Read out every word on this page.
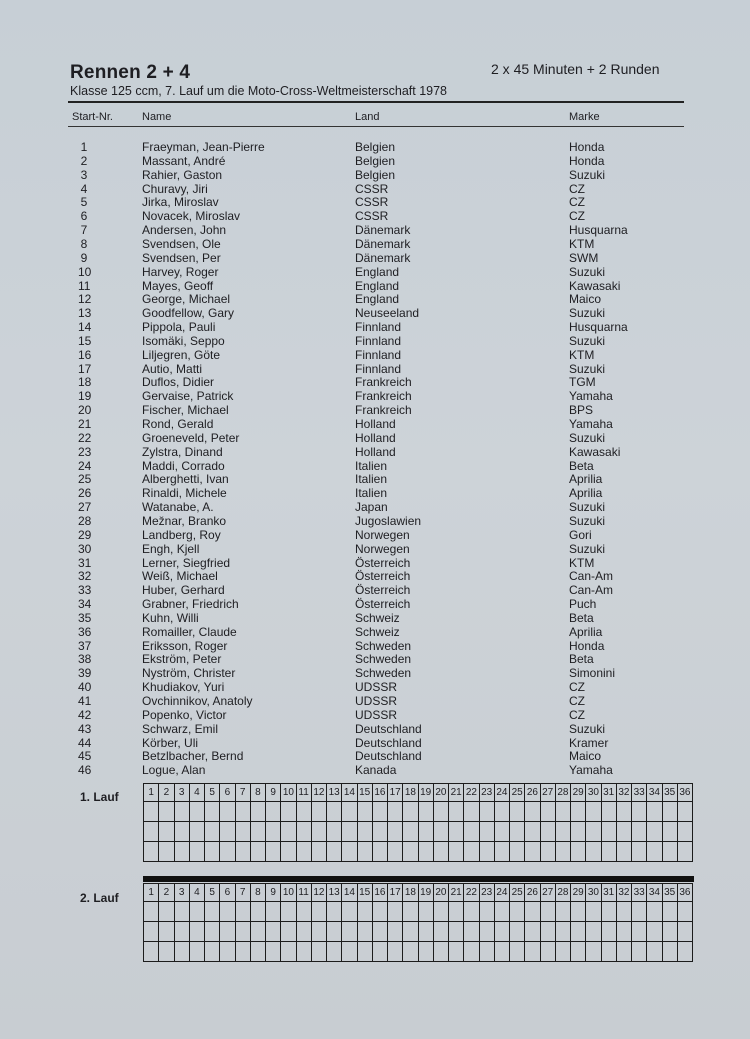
Rennen 2 + 4	2 x 45 Minuten + 2 Runden
Klasse 125 ccm, 7. Lauf um die Moto-Cross-Weltmeisterschaft 1978
Start-Nr.	Name	Land	Marke
1	Fraeyman, Jean-Pierre	Belgien	Honda
2	Massant, André	Belgien	Honda
3	Rahier, Gaston	Belgien	Suzuki
4	Churavy, Jiri	CSSR	CZ
5	Jirka, Miroslav	CSSR	CZ
6	Novacek, Miroslav	CSSR	CZ
7	Andersen, John	Dänemark	Husquarna
8	Svendsen, Ole	Dänemark	KTM
9	Svendsen, Per	Dänemark	SWM
10	Harvey, Roger	England	Suzuki
11	Mayes, Geoff	England	Kawasaki
12	George, Michael	England	Maico
13	Goodfellow, Gary	Neuseeland	Suzuki
14	Pippola, Pauli	Finnland	Husquarna
15	Isomäki, Seppo	Finnland	Suzuki
16	Liljegren, Göte	Finnland	KTM
17	Autio, Matti	Finnland	Suzuki
18	Duflos, Didier	Frankreich	TGM
19	Gervaise, Patrick	Frankreich	Yamaha
20	Fischer, Michael	Frankreich	BPS
21	Rond, Gerald	Holland	Yamaha
22	Groeneveld, Peter	Holland	Suzuki
23	Zylstra, Dinand	Holland	Kawasaki
24	Maddi, Corrado	Italien	Beta
25	Alberghetti, Ivan	Italien	Aprilia
26	Rinaldi, Michele	Italien	Aprilia
27	Watanabe, A.	Japan	Suzuki
28	Mežnar, Branko	Jugoslawien	Suzuki
29	Landberg, Roy	Norwegen	Gori
30	Engh, Kjell	Norwegen	Suzuki
31	Lerner, Siegfried	Österreich	KTM
32	Weiß, Michael	Österreich	Can-Am
33	Huber, Gerhard	Österreich	Can-Am
34	Grabner, Friedrich	Österreich	Puch
35	Kuhn, Willi	Schweiz	Beta
36	Romailler, Claude	Schweiz	Aprilia
37	Eriksson, Roger	Schweden	Honda
38	Ekström, Peter	Schweden	Beta
39	Nyström, Christer	Schweden	Simonini
40	Khudiakov, Yuri	UDSSR	CZ
41	Ovchinnikov, Anatoly	UDSSR	CZ
42	Popenko, Victor	UDSSR	CZ
43	Schwarz, Emil	Deutschland	Suzuki
44	Körber, Uli	Deutschland	Kramer
45	Betzlbacher, Bernd	Deutschland	Maico
46	Logue, Alan	Kanada	Yamaha
1. Lauf	1	2	3	4	5	6	7	8	9	10	11	12	13	14	15	16	17	18	19	20	21	22	23	24	25	26	27	28	29	30	31	32	33	34	35	36

2. Lauf	1	2	3	4	5	6	7	8	9	10	11	12	13	14	15	16	17	18	19	20	21	22	23	24	25	26	27	28	29	30	31	32	33	34	35	36
